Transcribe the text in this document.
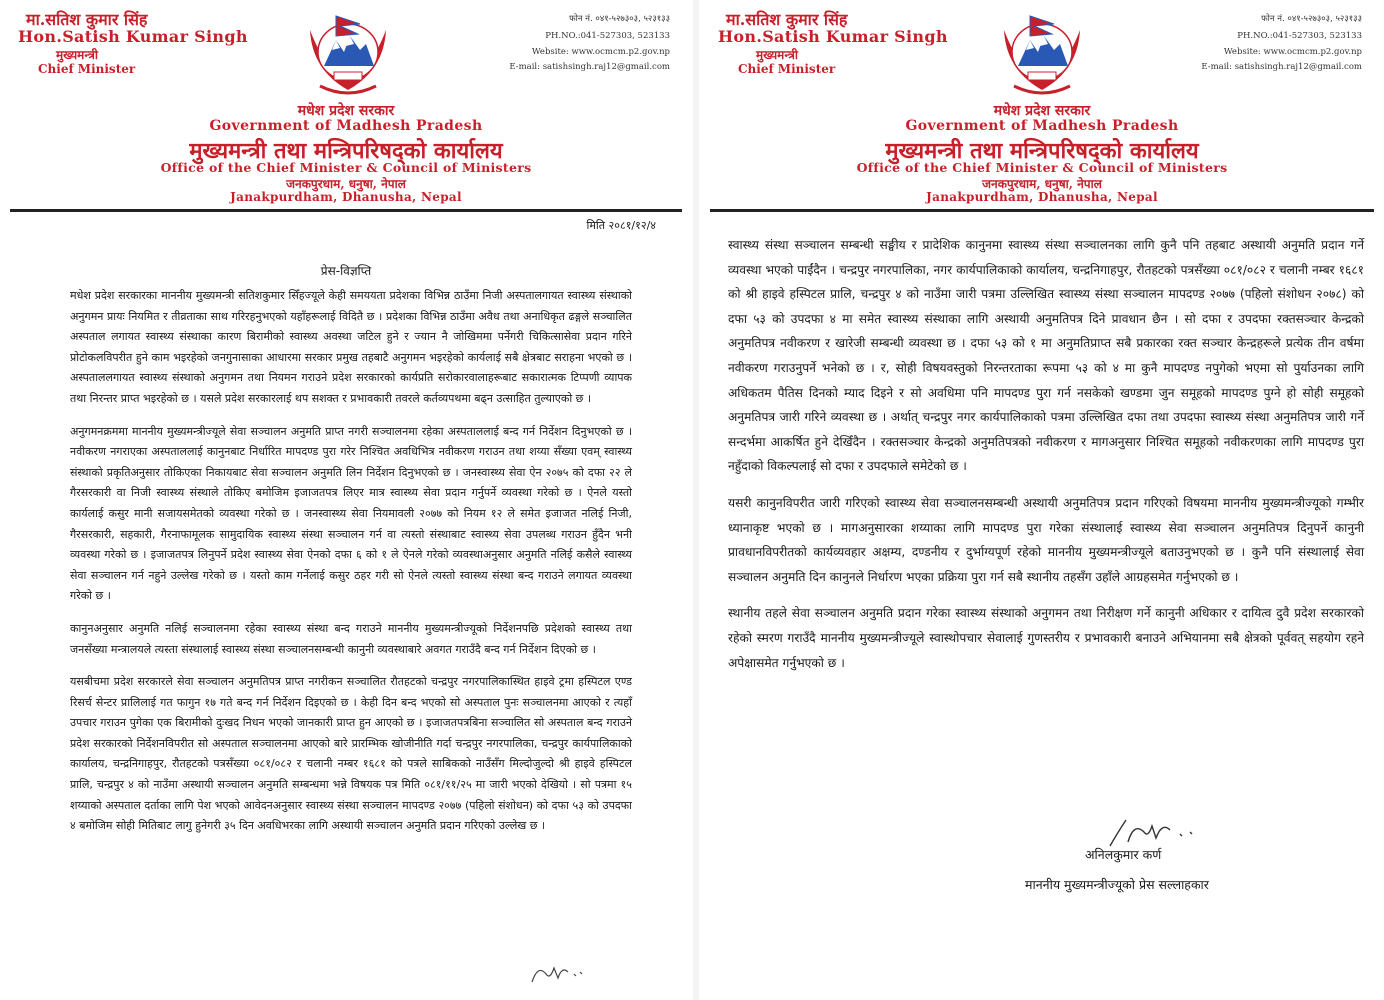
मा.सतिश कुमार सिंह
Hon.Satish Kumar Singh
मुख्यमन्त्री
Chief Minister
फोन नं. ०४१-५२७३०३, ५२३१३३
PH.NO.:041-527303, 523133
Website: www.ocmcm.p2.gov.np
E-mail: satishsingh.raj12@gmail.com
मधेश प्रदेश सरकार
Government of Madhesh Pradesh
मुख्यमन्त्री तथा मन्त्रिपरिषद्को कार्यालय
Office of the Chief Minister & Council of Ministers
जनकपुरधाम, धनुषा, नेपाल
Janakpurdham, Dhanusha, Nepal
मिति २०८१/१२/४
प्रेस-विज्ञप्ति

मधेश प्रदेश सरकारका माननीय मुख्यमन्त्री सतिशकुमार सिँहज्यूले केही समययता प्रदेशका विभिन्न ठाउँमा निजी अस्पतालगायत स्वास्थ्य संस्थाको अनुगमन प्रायः नियमित र तीव्रताका साथ गरिरहनुभएको यहाँहरूलाई विदितै छ । प्रदेशका विभिन्न ठाउँमा अवैध तथा अनाधिकृत ढङ्गले सञ्चालित अस्पताल लगायत स्वास्थ्य संस्थाका कारण बिरामीको स्वास्थ्य अवस्था जटिल हुने र ज्यान नै जोखिममा पर्नेगरी चिकित्सासेवा प्रदान गरिने प्रोटोकलविपरीत हुने काम भइरहेको जनगुनासाका आधारमा सरकार प्रमुख तहबाटै अनुगमन भइरहेको कार्यलाई सबै क्षेत्रबाट सराहना भएको छ । अस्पताललगायत स्वास्थ्य संस्थाको अनुगमन तथा नियमन गराउने प्रदेश सरकारको कार्यप्रति सरोकारवालाहरूबाट सकारात्मक टिप्पणी व्यापक तथा निरन्तर प्राप्त भइरहेको छ । यसले प्रदेश सरकारलाई थप सशक्त र प्रभावकारी तवरले कर्तव्यपथमा बढ्न उत्साहित तुल्याएको छ ।

अनुगमनक्रममा माननीय मुख्यमन्त्रीज्यूले सेवा सञ्चालन अनुमति प्राप्त नगरी सञ्चालनमा रहेका अस्पताललाई बन्द गर्न निर्देशन दिनुभएको छ । नवीकरण नगराएका अस्पताललाई कानुनबाट निर्धारित मापदण्ड पुरा गरेर निश्चित अवधिभित्र नवीकरण गराउन तथा शय्या सँख्या एवम् स्वास्थ्य संस्थाको प्रकृतिअनुसार तोकिएका निकायबाट सेवा सञ्चालन अनुमति लिन निर्देशन दिनुभएको छ । जनस्वास्थ्य सेवा ऐन २०७५ को दफा २२ ले गैरसरकारी वा निजी स्वास्थ्य संस्थाले तोकिए बमोजिम इजाजतपत्र लिएर मात्र स्वास्थ्य सेवा प्रदान गर्नुपर्ने व्यवस्था गरेको छ । ऐनले यस्तो कार्यलाई कसुर मानी सजायसमेतको व्यवस्था गरेको छ । जनस्वास्थ्य सेवा नियमावली २०७७ को नियम १२ ले समेत इजाजत नलिई निजी, गैरसरकारी, सहकारी, गैरनाफामूलक सामुदायिक स्वास्थ्य संस्था सञ्चालन गर्न वा त्यस्तो संस्थाबाट स्वास्थ्य सेवा उपलब्ध गराउन हुँदैन भनी व्यवस्था गरेको छ । इजाजतपत्र लिनुपर्ने प्रदेश स्वास्थ्य सेवा ऐनको दफा ६ को १ ले ऐनले गरेको व्यवस्थाअनुसार अनुमति नलिई कसैले स्वास्थ्य सेवा सञ्चालन गर्न नहुने उल्लेख गरेको छ । यस्तो काम गर्नेलाई कसुर ठहर गरी सो ऐनले त्यस्तो स्वास्थ्य संस्था बन्द गराउने लगायत व्यवस्था गरेको छ ।

कानुनअनुसार अनुमति नलिई सञ्चालनमा रहेका स्वास्थ्य संस्था बन्द गराउने माननीय मुख्यमन्त्रीज्यूको निर्देशनपछि प्रदेशको स्वास्थ्य तथा जनसँख्या मन्त्रालयले त्यस्ता संस्थालाई स्वास्थ्य संस्था सञ्चालनसम्बन्धी कानुनी व्यवस्थाबारे अवगत गराउँदै बन्द गर्न निर्देशन दिएको छ ।

यसबीचमा प्रदेश सरकारले सेवा सञ्चालन अनुमतिपत्र प्राप्त नगरीकन सञ्चालित रौतहटको चन्द्रपुर नगरपालिकास्थित हाइवे ट्रमा हस्पिटल एण्ड रिसर्च सेन्टर प्रालिलाई गत फागुन १७ गते बन्द गर्न निर्देशन दिइएको छ । केही दिन बन्द भएको सो अस्पताल पुनः सञ्चालनमा आएको र त्यहाँ उपचार गराउन पुगेका एक बिरामीको दुःखद निधन भएको जानकारी प्राप्त हुन आएको छ । इजाजतपत्रबिना सञ्चालित सो अस्पताल बन्द गराउने प्रदेश सरकारको निर्देशनविपरीत सो अस्पताल सञ्चालनमा आएको बारे प्रारम्भिक खोजीनीति गर्दा चन्द्रपुर नगरपालिका, चन्द्रपुर कार्यपालिकाको कार्यालय, चन्द्रनिगाहपुर, रौतहटको पत्रसँख्या ०८१/०८२ र चलानी नम्बर १६८१ को पत्रले साबिकको नाउँसँग मिल्दोजुल्दो श्री हाइवे हस्पिटल प्रालि, चन्द्रपुर ४ को नाउँमा अस्थायी सञ्चालन अनुमति सम्बन्धमा भन्ने विषयक पत्र मिति ०८१/११/२५ मा जारी भएको देखियो । सो पत्रमा १५ शय्याको अस्पताल दर्ताका लागि पेश भएको आवेदनअनुसार स्वास्थ्य संस्था सञ्चालन मापदण्ड २०७७ (पहिलो संशोधन) को दफा ५३ को उपदफा ४ बमोजिम सोही मितिबाट लागु हुनेगरी ३५ दिन अवधिभरका लागि अस्थायी सञ्चालन अनुमति प्रदान गरिएको उल्लेख छ ।

मा.सतिश कुमार सिंह
Hon.Satish Kumar Singh
मुख्यमन्त्री
Chief Minister
फोन नं. ०४१-५२७३०३, ५२३१३३
PH.NO.:041-527303, 523133
Website: www.ocmcm.p2.gov.np
E-mail: satishsingh.raj12@gmail.com
मधेश प्रदेश सरकार
Government of Madhesh Pradesh
मुख्यमन्त्री तथा मन्त्रिपरिषद्को कार्यालय
Office of the Chief Minister & Council of Ministers
जनकपुरधाम, धनुषा, नेपाल
Janakpurdham, Dhanusha, Nepal

स्वास्थ्य संस्था सञ्चालन सम्बन्धी सङ्घीय र प्रादेशिक कानुनमा स्वास्थ्य संस्था सञ्चालनका लागि कुनै पनि तहबाट अस्थायी अनुमति प्रदान गर्ने व्यवस्था भएको पाईंदैन । चन्द्रपुर नगरपालिका, नगर कार्यपालिकाको कार्यालय, चन्द्रनिगाहपुर, रौतहटको पत्रसँख्या ०८१/०८२ र चलानी नम्बर १६८१ को श्री हाइवे हस्पिटल प्रालि, चन्द्रपुर ४ को नाउँमा जारी पत्रमा उल्लिखित स्वास्थ्य संस्था सञ्चालन मापदण्ड २०७७ (पहिलो संशोधन २०७८) को दफा ५३ को उपदफा ४ मा समेत स्वास्थ्य संस्थाका लागि अस्थायी अनुमतिपत्र दिने प्रावधान छैन । सो दफा र उपदफा रक्तसञ्चार केन्द्रको अनुमतिपत्र नवीकरण र खारेजी सम्बन्धी व्यवस्था छ । दफा ५३ को १ मा अनुमतिप्राप्त सबै प्रकारका रक्त सञ्चार केन्द्रहरूले प्रत्येक तीन वर्षमा नवीकरण गराउनुपर्ने भनेको छ । र, सोही विषयवस्तुको निरन्तरताका रूपमा ५३ को ४ मा कुनै मापदण्ड नपुगेको भएमा सो पुर्याउनका लागि अधिकतम पैतिस दिनको म्याद दिइने र सो अवधिमा पनि मापदण्ड पुरा गर्न नसकेको खण्डमा जुन समूहको मापदण्ड पुग्ने हो सोही समूहको अनुमतिपत्र जारी गरिने व्यवस्था छ । अर्थात् चन्द्रपुर नगर कार्यपालिकाको पत्रमा उल्लिखित दफा तथा उपदफा स्वास्थ्य संस्था अनुमतिपत्र जारी गर्ने सन्दर्भमा आकर्षित हुने देखिँदैन । रक्तसञ्चार केन्द्रको अनुमतिपत्रको नवीकरण र मागअनुसार निश्चित समूहको नवीकरणका लागि मापदण्ड पुरा नहुँदाको विकल्पलाई सो दफा र उपदफाले समेटेको छ ।

यसरी कानुनविपरीत जारी गरिएको स्वास्थ्य सेवा सञ्चालनसम्बन्धी अस्थायी अनुमतिपत्र प्रदान गरिएको विषयमा माननीय मुख्यमन्त्रीज्यूको गम्भीर ध्यानाकृष्ट भएको छ । मागअनुसारका शय्याका लागि मापदण्ड पुरा गरेका संस्थालाई स्वास्थ्य सेवा सञ्चालन अनुमतिपत्र दिनुपर्ने कानुनी प्रावधानविपरीतको कार्यव्यवहार अक्षम्य, दण्डनीय र दुर्भाग्यपूर्ण रहेको माननीय मुख्यमन्त्रीज्यूले बताउनुभएको छ । कुनै पनि संस्थालाई सेवा सञ्चालन अनुमति दिन कानुनले निर्धारण भएका प्रक्रिया पुरा गर्न सबै स्थानीय तहसँग उहाँले आग्रहसमेत गर्नुभएको छ ।

स्थानीय तहले सेवा सञ्चालन अनुमति प्रदान गरेका स्वास्थ्य संस्थाको अनुगमन तथा निरीक्षण गर्ने कानुनी अधिकार र दायित्व दुवै प्रदेश सरकारको रहेको स्मरण गराउँदै माननीय मुख्यमन्त्रीज्यूले स्वास्थोपचार सेवालाई गुणस्तरीय र प्रभावकारी बनाउने अभियानमा सबै क्षेत्रको पूर्ववत् सहयोग रहने अपेक्षासमेत गर्नुभएको छ ।

अनिलकुमार कर्ण
माननीय मुख्यमन्त्रीज्यूको प्रेस सल्लाहकार
